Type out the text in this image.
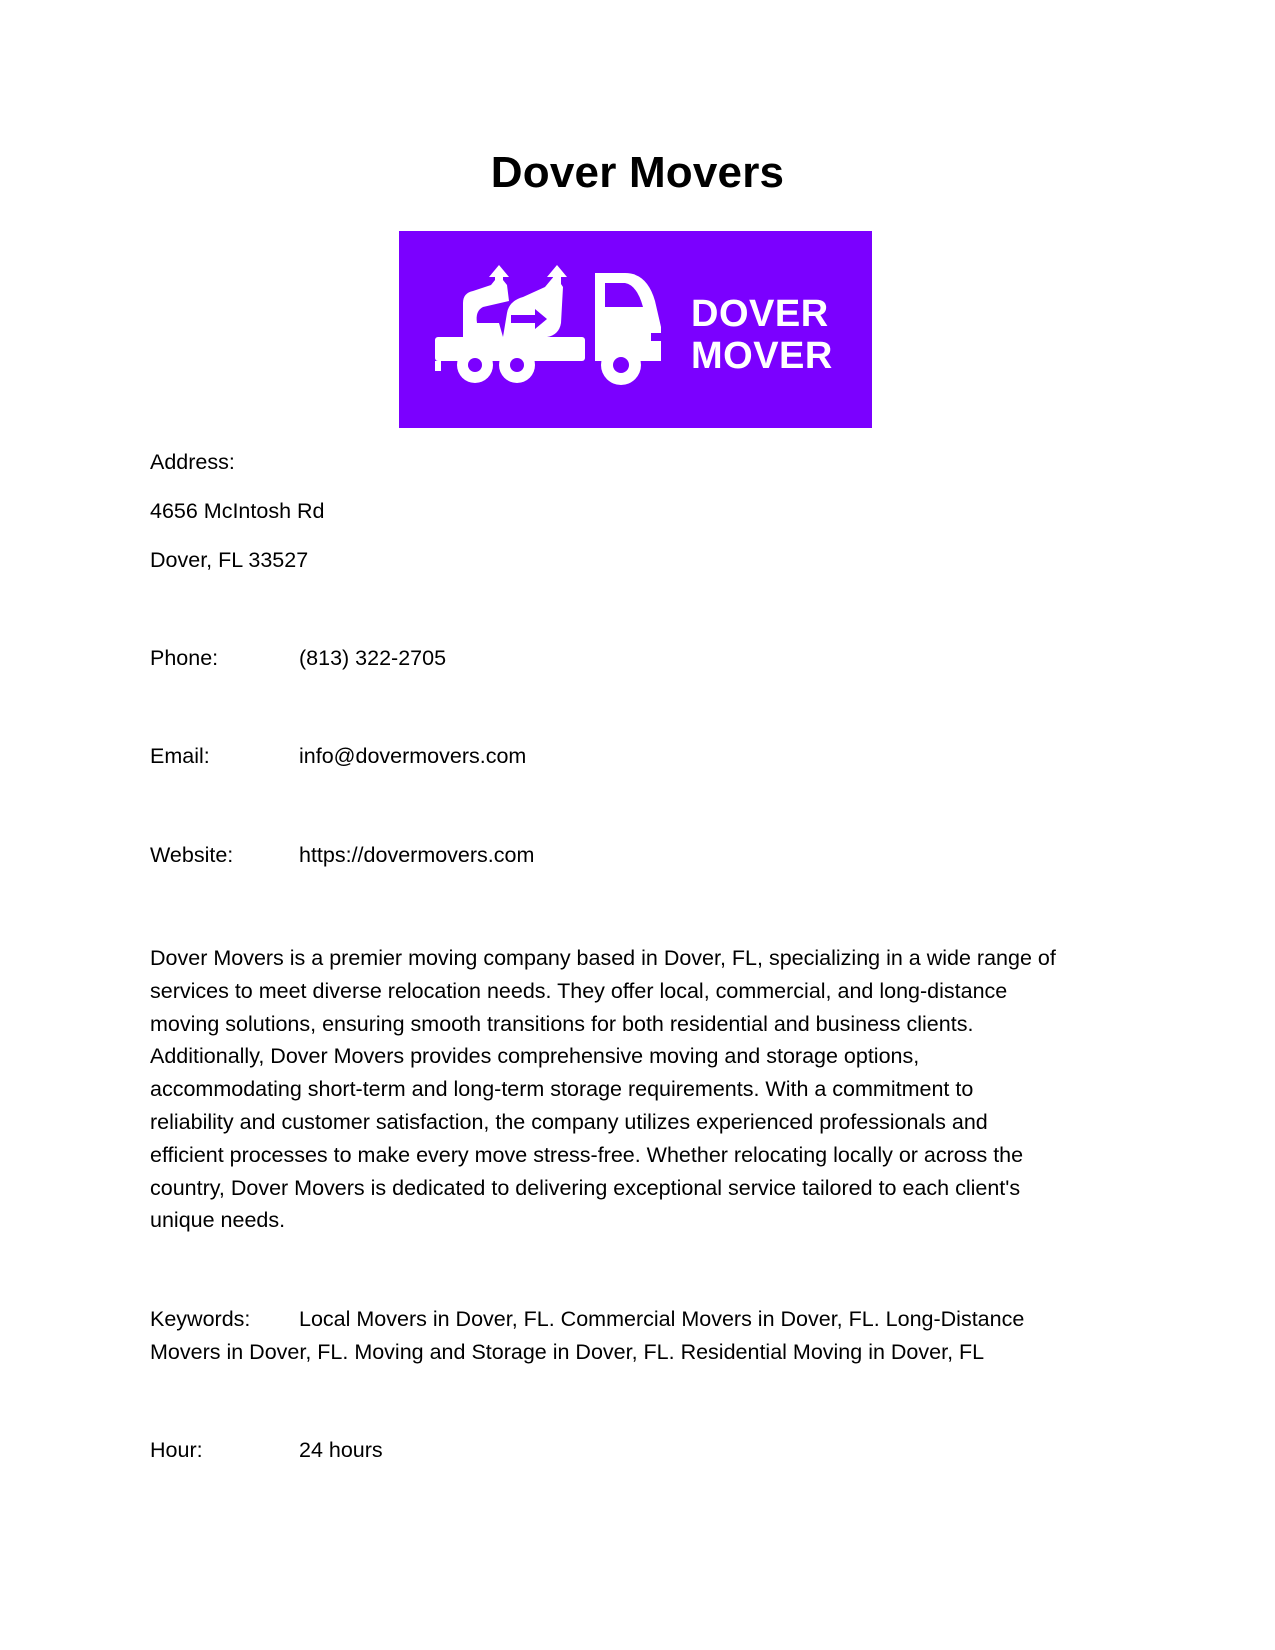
Dover Movers
DOVER
MOVER
Address:
4656 McIntosh Rd
Dover, FL 33527
Phone:	(813) 322-2705
Email:	info@dovermovers.com
Website:	https://dovermovers.com
Dover Movers is a premier moving company based in Dover, FL, specializing in a wide range of
services to meet diverse relocation needs. They offer local, commercial, and long-distance
moving solutions, ensuring smooth transitions for both residential and business clients.
Additionally, Dover Movers provides comprehensive moving and storage options,
accommodating short-term and long-term storage requirements. With a commitment to
reliability and customer satisfaction, the company utilizes experienced professionals and
efficient processes to make every move stress-free. Whether relocating locally or across the
country, Dover Movers is dedicated to delivering exceptional service tailored to each client's
unique needs.
Keywords: Local Movers in Dover, FL. Commercial Movers in Dover, FL. Long-Distance
Movers in Dover, FL. Moving and Storage in Dover, FL. Residential Moving in Dover, FL
Hour:	24 hours
